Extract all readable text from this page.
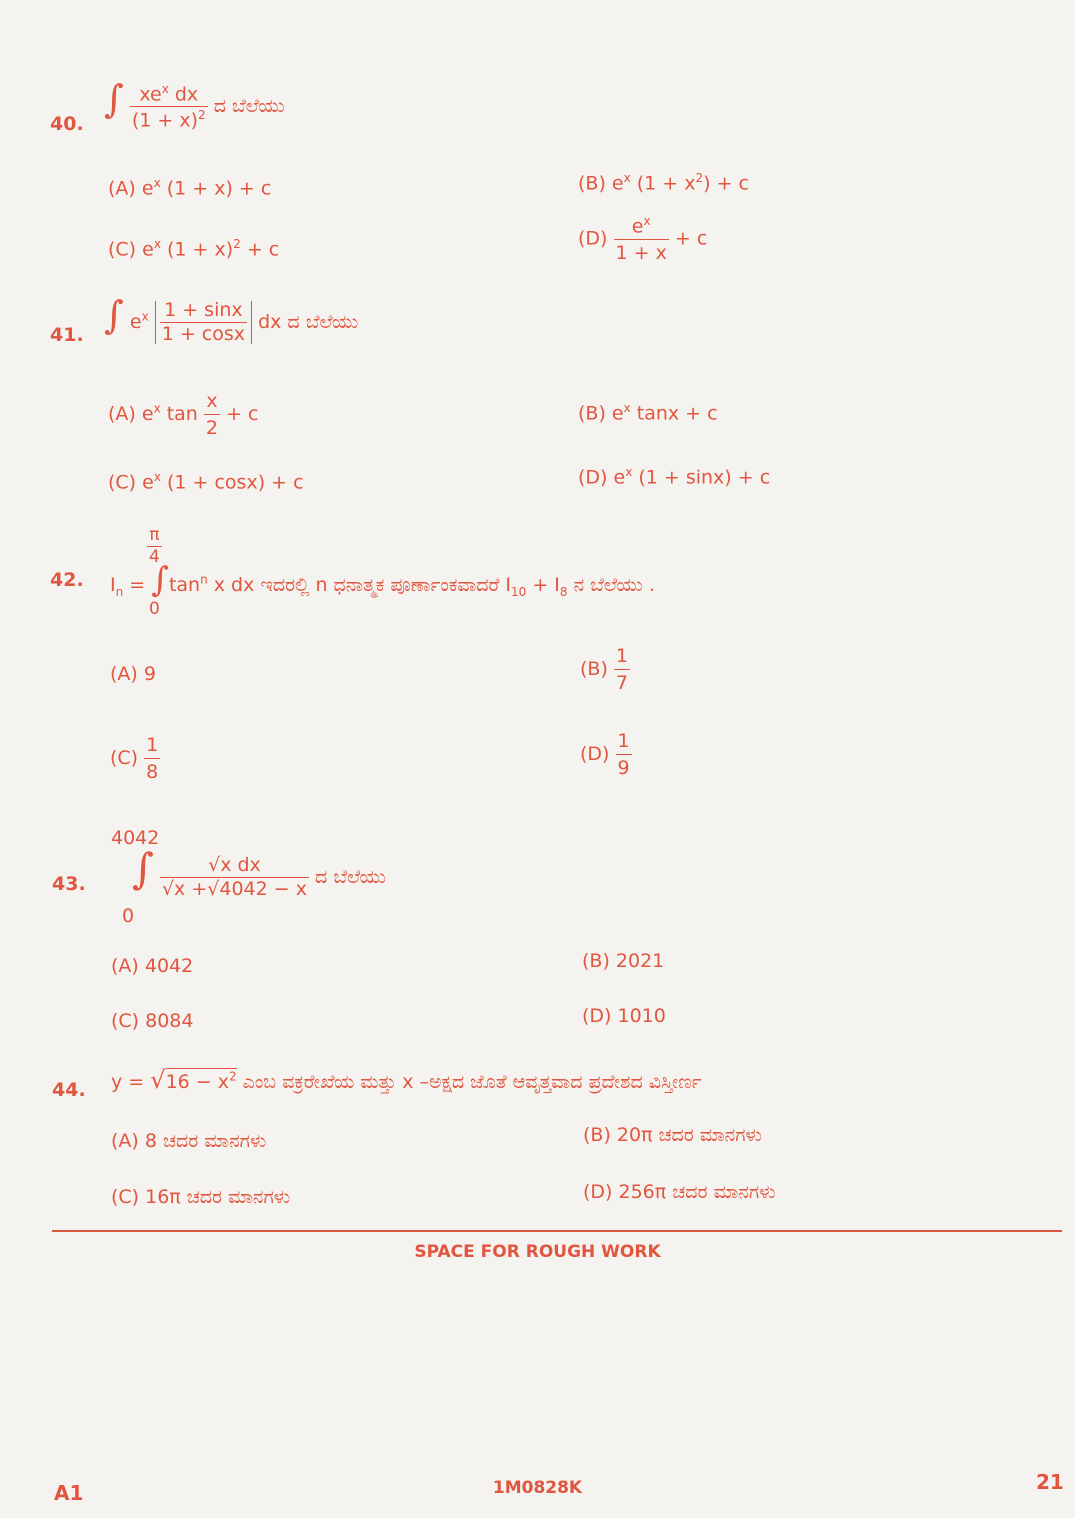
40.
∫ $\frac{xe^x dx}{(1 + x)^2}$ ದ ಬೆಲೆಯು
(A) $e^x$ (1 + x) + c	(B) $e^x$ $(1 + x^2) + c$
(C) $e^x$ $(1 + x)^2 + c$	$(D) \frac{e^x}{1 + x} + c$
41. ∫ $e^x \frac{1 + \sin x}{1 + \cos x}$ dx ದ ಬೆಲೆಯು
(A) $e^x$ $\tan \frac{x}{2} + c$	(B) $e^x$ tanx + c
(C) $e^x$ (1 + cosx) + c	(D) $e^x$ (1 + sinx) + c
42.
$\frac{\pi}{4}$
0
$I_n = \int\tan^n$ x dx ಇದರಲ್ಲಿ n ಧನಾತ್ಮಕ ಪೂರ್ಣಾಂಕವಾದರೆ $I_{10} + I_8$ ನ ಬೆಲೆಯು .
(A) 9	$(B) \frac{1}{7}$
$(C) \frac{1}{8}$	$(D) \frac{1}{9}$
43.
4042
0
∫ $\frac{\text{√x dx}}{√x +√4042 - x}$ ದ ಬೆಲೆಯು
(A) 4042	(B) 2021
(C) 8084	(D) 1010
44. $y = √16 - x^2$ ಎಂಬ ವಕ್ರರೇಖೆಯ ಮತ್ತು x –ಅಕ್ಷದ ಜೊತೆ ಆವೃತ್ತವಾದ ಪ್ರದೇಶದ ವಿಸ್ತೀರ್ಣ
(A) 8 ಚದರ ಮಾನಗಳು	(B) 20π ಚದರ ಮಾನಗಳು
(C) 16π ಚದರ ಮಾನಗಳು	(D) 256π ಚದರ ಮಾನಗಳು
SPACE FOR ROUGH WORK
A1	1M0828K	21
